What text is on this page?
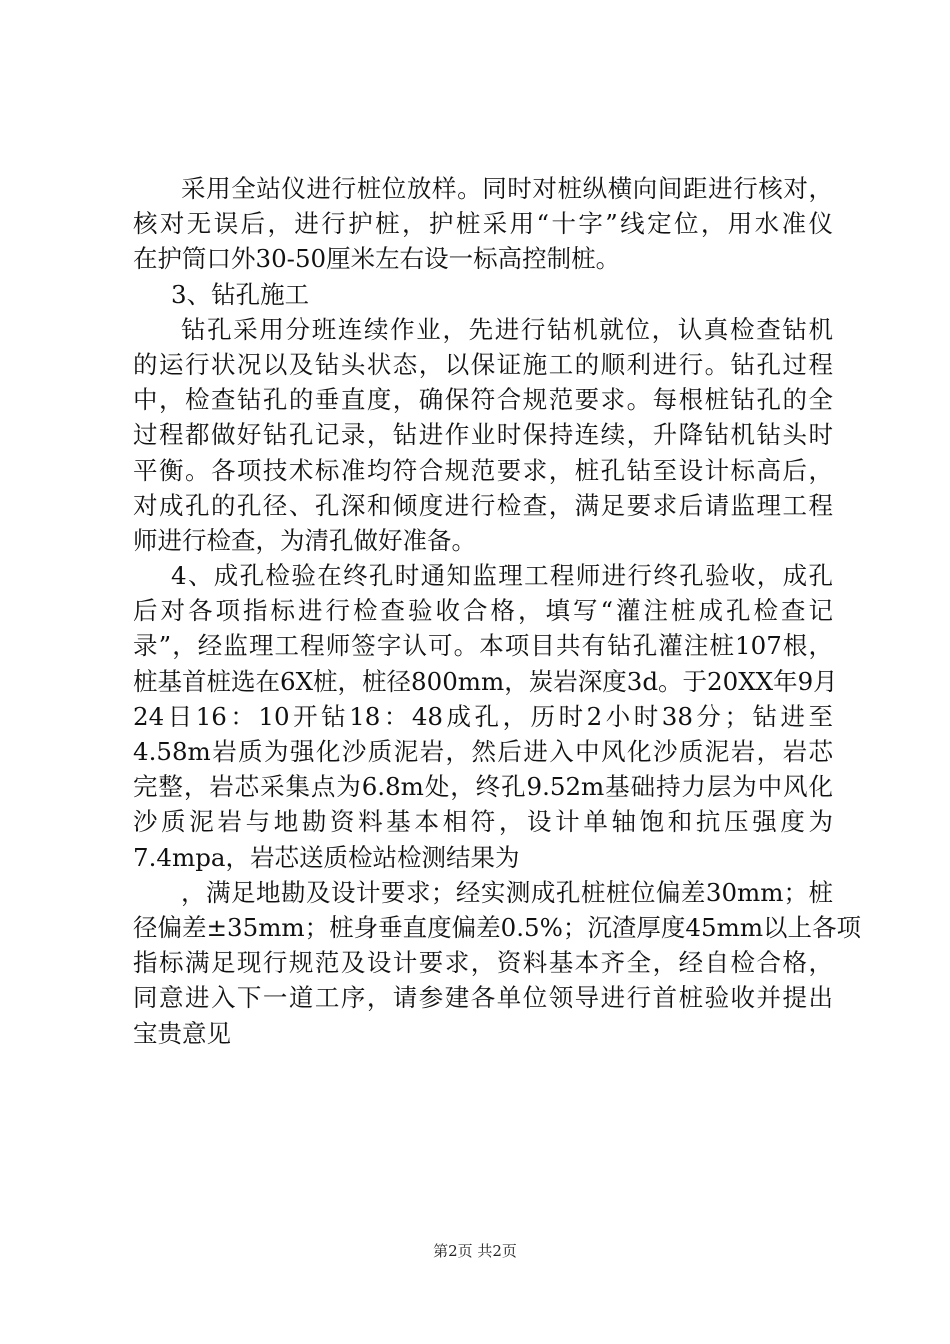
采用全站仪进行桩位放样。同时对桩纵横向间距进行核对，
核对无误后，进行护桩，护桩采用“十字”线定位，用水准仪
在护筒口外30-50厘米左右设一标高控制桩。
3、钻孔施工
钻孔采用分班连续作业，先进行钻机就位，认真检查钻机
的运行状况以及钻头状态，以保证施工的顺利进行。钻孔过程
中，检查钻孔的垂直度，确保符合规范要求。每根桩钻孔的全
过程都做好钻孔记录，钻进作业时保持连续，升降钻机钻头时
平衡。各项技术标准均符合规范要求，桩孔钻至设计标高后，
对成孔的孔径、孔深和倾度进行检查，满足要求后请监理工程
师进行检查，为清孔做好准备。
4、成孔检验在终孔时通知监理工程师进行终孔验收，成孔
后对各项指标进行检查验收合格，填写“灌注桩成孔检查记
录”，经监理工程师签字认可。本项目共有钻孔灌注桩107根，
桩基首桩选在6X桩，桩径800mm，炭岩深度3d。于20XX年9月
24日16：10开钻18：48成孔，历时2小时38分；钻进至
4.58m岩质为强化沙质泥岩，然后进入中风化沙质泥岩，岩芯
完整，岩芯采集点为6.8m处，终孔9.52m基础持力层为中风化
沙质泥岩与地勘资料基本相符，设计单轴饱和抗压强度为
7.4mpa，岩芯送质检站检测结果为
，满足地勘及设计要求；经实测成孔桩桩位偏差30mm；桩
径偏差±35mm；桩身垂直度偏差0.5%；沉渣厚度45mm以上各项
指标满足现行规范及设计要求，资料基本齐全，经自检合格，
同意进入下一道工序，请参建各单位领导进行首桩验收并提出
宝贵意见
第2页 共2页
